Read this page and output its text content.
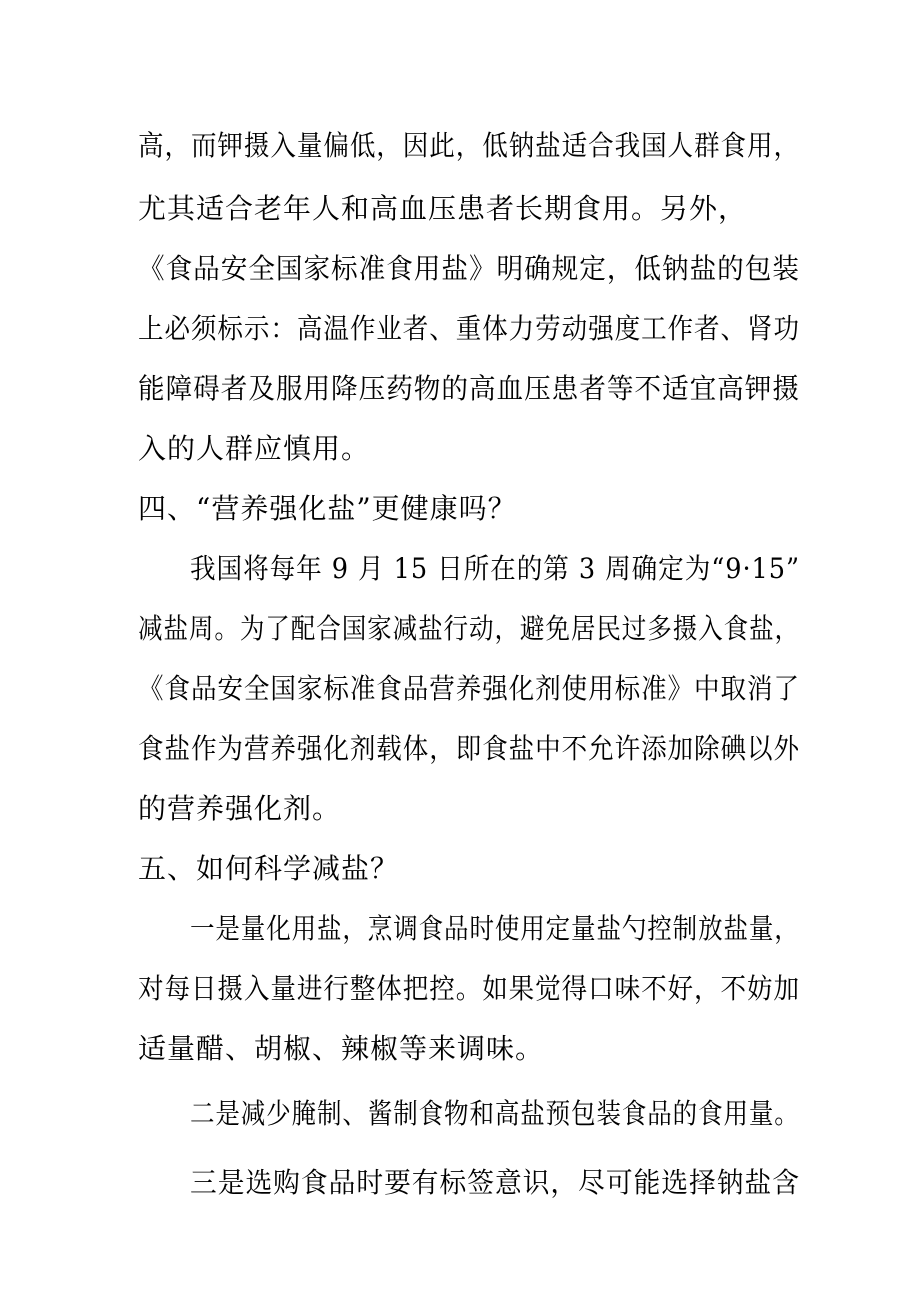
高，而钾摄入量偏低，因此，低钠盐适合我国人群食用，
尤其适合老年人和高血压患者长期食用。另外，
《食品安全国家标准食用盐》明确规定，低钠盐的包装
上必须标示：高温作业者、重体力劳动强度工作者、肾功
能障碍者及服用降压药物的高血压患者等不适宜高钾摄
入的人群应慎用。
四、“营养强化盐”更健康吗？
我国将每年 9 月 15 日所在的第 3 周确定为“9·15”
减盐周。为了配合国家减盐行动，避免居民过多摄入食盐，
《食品安全国家标准食品营养强化剂使用标准》中取消了
食盐作为营养强化剂载体，即食盐中不允许添加除碘以外
的营养强化剂。
五、如何科学减盐？
一是量化用盐，烹调食品时使用定量盐勺控制放盐量，
对每日摄入量进行整体把控。如果觉得口味不好，不妨加
适量醋、胡椒、辣椒等来调味。
二是减少腌制、酱制食物和高盐预包装食品的食用量。
三是选购食品时要有标签意识，尽可能选择钠盐含
